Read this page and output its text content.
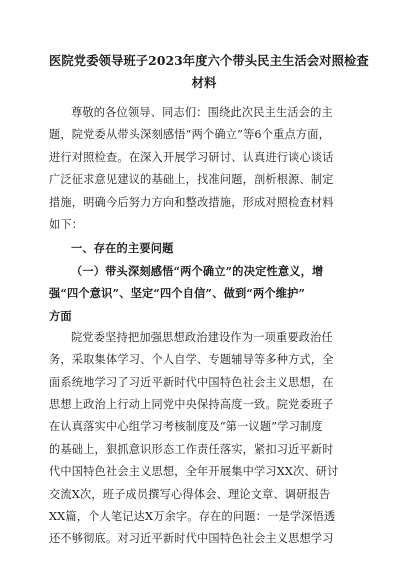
医院党委领导班子2023年度六个带头民主生活会对照检查
材料
尊敬的各位领导、同志们：围绕此次民主生活会的主
题，院党委从带头深刻感悟“两个确立”等6个重点方面，
进行对照检查。在深入开展学习研讨、认真进行谈心谈话
广泛征求意见建议的基础上，找准问题，剖析根源、制定
措施，明确今后努力方向和整改措施，形成对照检查材料
如下：
一、存在的主要问题
（一）带头深刻感悟“两个确立”的决定性意义，增
强“四个意识”、坚定“四个自信”、做到“两个维护”
方面
院党委坚持把加强思想政治建设作为一项重要政治任
务，采取集体学习、个人自学、专题辅导等多种方式，全
面系统地学习了习近平新时代中国特色社会主义思想，在
思想上政治上行动上同党中央保持高度一致。院党委班子
在认真落实中心组学习考核制度及“第一议题”学习制度
的基础上，狠抓意识形态工作责任落实，紧扣习近平新时
代中国特色社会主义思想，全年开展集中学习XX次、研讨
交流X次，班子成员撰写心得体会、理论文章、调研报告
XX篇，个人笔记达X万余字。存在的问题：一是学深悟透
还不够彻底。对习近平新时代中国特色社会主义思想学习
